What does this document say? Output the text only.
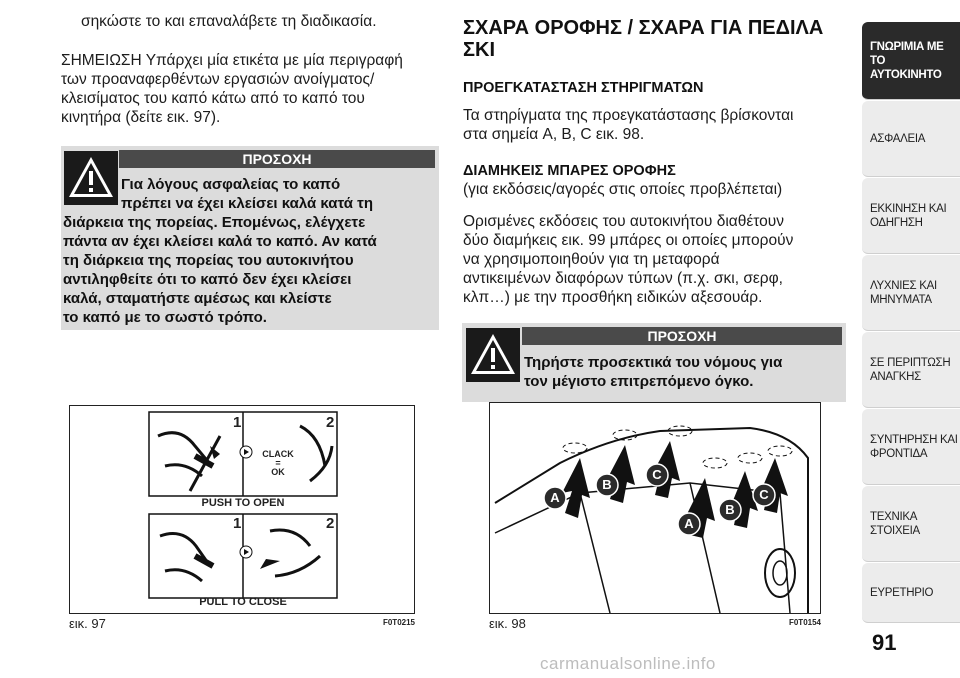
σηκώστε το και επαναλάβετε τη διαδικασία.

ΣΗΜΕΙΩΣΗ Υπάρχει μία ετικέτα με μία περιγραφή

των προαναφερθέντων εργασιών ανοίγματος/

κλεισίματος του καπό κάτω από το καπό του

κινητήρα (δείτε εικ. 97).

ΠΡΟΣΟΧΗ
Για λόγους ασφαλείας το καπό
πρέπει να έχει κλείσει καλά κατά τη
διάρκεια της πορείας. Επομένως, ελέγχετε
πάντα αν έχει κλείσει καλά το καπό. Αν κατά
τη διάρκεια της πορείας του αυτοκινήτου
αντιληφθείτε ότι το καπό δεν έχει κλείσει
καλά, σταματήστε αμέσως και κλείστε
το καπό με το σωστό τρόπο.
1	2
1	2
CLACK
=
OK
PUSH TO OPEN
PULL TO CLOSE
εικ. 97	F0T0215
ΣΧΑΡΑ ΟΡΟΦΗΣ / ΣΧΑΡΑ ΓΙΑ ΠΕΔΙΛΑ
ΣΚΙ
ΠΡΟΕΓΚΑΤΑΣΤΑΣΗ ΣΤΗΡΙΓΜΑΤΩΝ

Τα στηρίγματα της προεγκατάστασης βρίσκονται

στα σημεία A, B, C εικ. 98.

ΔΙΑΜΗΚΕΙΣ ΜΠΑΡΕΣ ΟΡΟΦΗΣ
(για εκδόσεις/αγορές στις οποίες προβλέπεται)

Ορισμένες εκδόσεις του αυτοκινήτου διαθέτουν

δύο διαμήκεις εικ. 99 μπάρες οι οποίες μπορούν

να χρησιμοποιηθούν για τη μεταφορά

αντικειμένων διαφόρων τύπων (π.χ. σκι, σερφ,

κλπ…) με την προσθήκη ειδικών αξεσουάρ.

ΠΡΟΣΟΧΗ
Τηρήστε προσεκτικά του νόμους για
τον μέγιστο επιτρεπόμενο όγκο.
A
B
C
A
B
C
εικ. 98	F0T0154
ΓΝΩΡΙΜΙΑ ΜΕ ΤΟ
ΑΥΤΟΚΙΝΗΤΟ
ΑΣΦΑΛΕΙΑ
ΕΚΚΙΝΗΣΗ ΚΑΙ
ΟΔΗΓΗΣΗ
ΛΥΧΝΙΕΣ ΚΑΙ
ΜΗΝΥΜΑΤΑ
ΣΕ ΠΕΡΙΠΤΩΣΗ
ΑΝΑΓΚΗΣ
ΣΥΝΤΗΡΗΣΗ ΚΑΙ
ΦΡΟΝΤΙΔΑ
ΤΕΧΝΙΚΑ ΣΤΟΙΧΕΙΑ
ΕΥΡΕΤΗΡΙΟ
91
carmanualsonline.info
